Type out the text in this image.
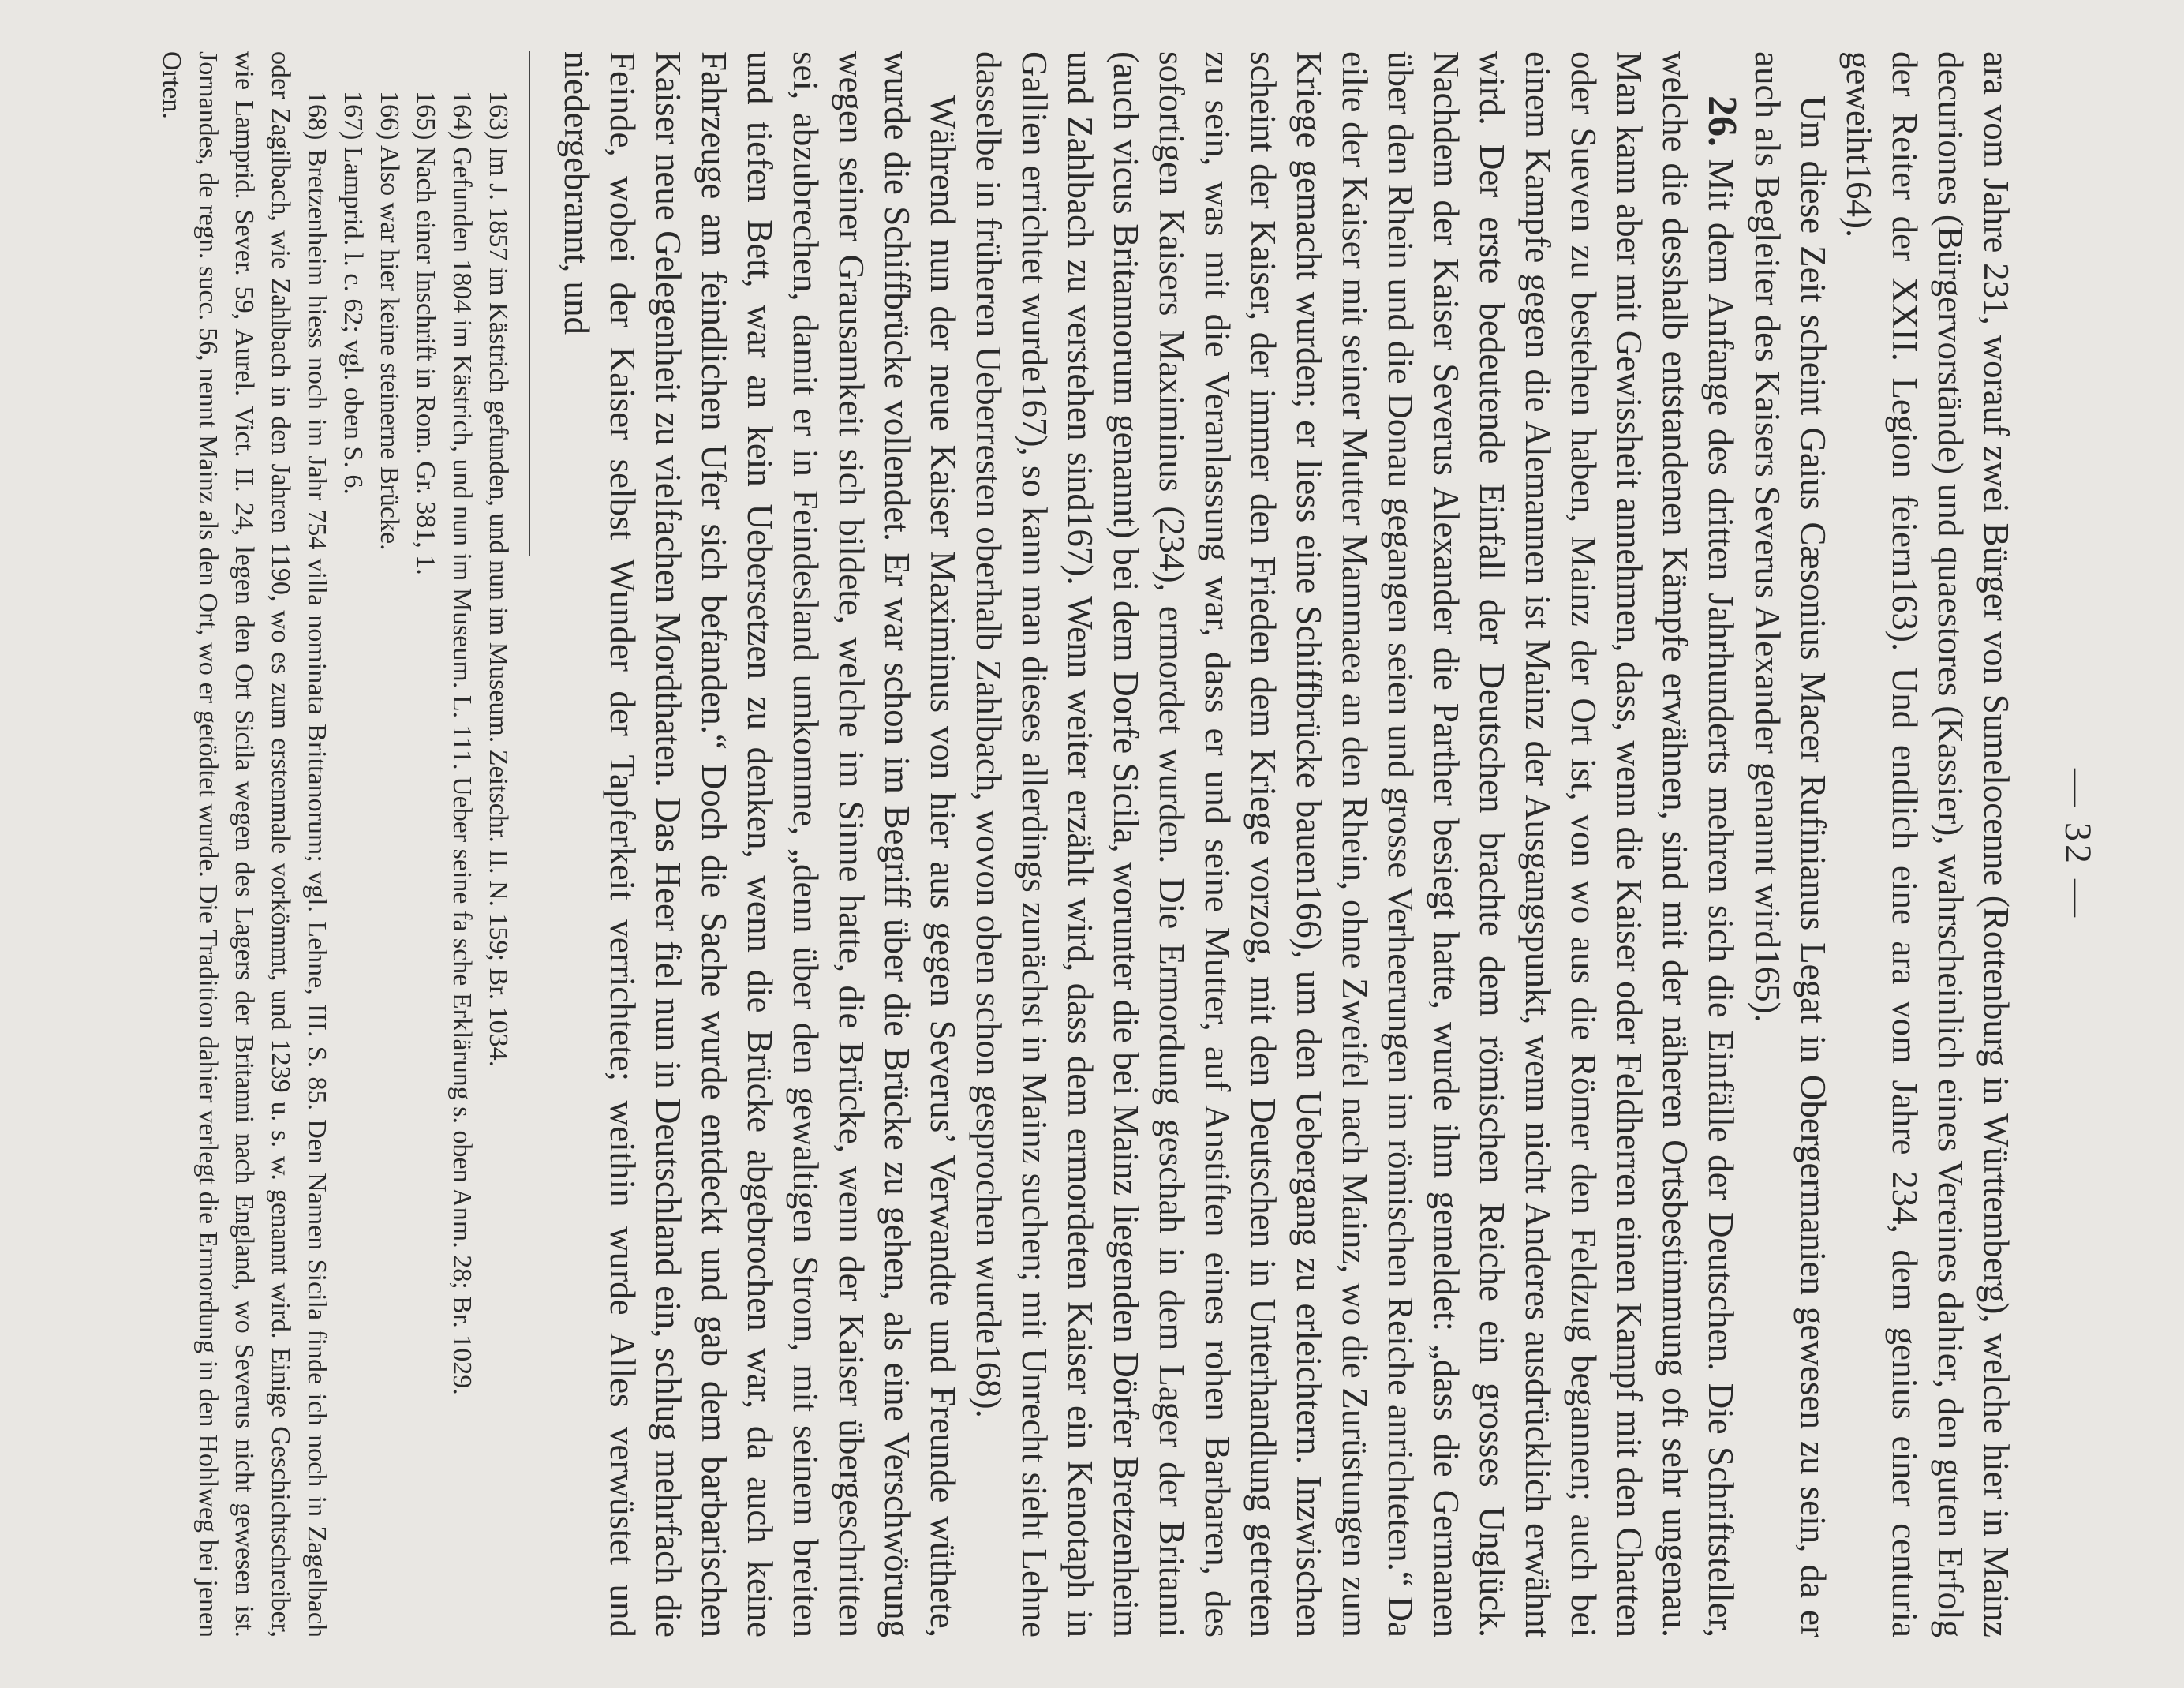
— 32 —

ara vom Jahre 231, worauf zwei Bürger von Sumelocenne (Rottenburg in Württemberg), welche hier in Mainz decuriones (Bürgervorstände) und quaestores (Kassier), wahrscheinlich eines Vereines dahier, den guten Erfolg der Reiter der XXII. Legion feiern163). Und endlich eine ara vom Jahre 234, dem genius einer centuria geweiht164).

Um diese Zeit scheint Gaius Cæsonius Macer Rufinianus Legat in Obergermanien gewesen zu sein, da er auch als Begleiter des Kaisers Severus Alexander genannt wird165).

26. Mit dem Anfange des dritten Jahrhunderts mehren sich die Einfälle der Deutschen. Die Schriftsteller, welche die desshalb entstandenen Kämpfe erwähnen, sind mit der näheren Ortsbestimmung oft sehr ungenau. Man kann aber mit Gewissheit annehmen, dass, wenn die Kaiser oder Feldherren einen Kampf mit den Chatten oder Sueven zu bestehen haben, Mainz der Ort ist, von wo aus die Römer den Feldzug begannen; auch bei einem Kampfe gegen die Alemannen ist Mainz der Ausgangspunkt, wenn nicht Anderes ausdrücklich erwähnt wird. Der erste bedeutende Einfall der Deutschen brachte dem römischen Reiche ein grosses Unglück. Nachdem der Kaiser Severus Alexander die Parther besiegt hatte, wurde ihm gemeldet: „dass die Germanen über den Rhein und die Donau gegangen seien und grosse Verheerungen im römischen Reiche anrichteten.“ Da eilte der Kaiser mit seiner Mutter Mammaea an den Rhein, ohne Zweifel nach Mainz, wo die Zurüstungen zum Kriege gemacht wurden; er liess eine Schiffbrücke bauen166), um den Uebergang zu erleichtern. Inzwischen scheint der Kaiser, der immer den Frieden dem Kriege vorzog, mit den Deutschen in Unterhandlung getreten zu sein, was mit die Veranlassung war, dass er und seine Mutter, auf Anstiften eines rohen Barbaren, des sofortigen Kaisers Maximinus (234), ermordet wurden. Die Ermordung geschah in dem Lager der Britanni (auch vicus Britannorum genannt) bei dem Dorfe Sicila, worunter die bei Mainz liegenden Dörfer Bretzenheim und Zahlbach zu verstehen sind167). Wenn weiter erzählt wird, dass dem ermordeten Kaiser ein Kenotaph in Gallien errichtet wurde167), so kann man dieses allerdings zunächst in Mainz suchen; mit Unrecht sieht Lehne dasselbe in früheren Ueberresten oberhalb Zahlbach, wovon oben schon gesprochen wurde168).

Während nun der neue Kaiser Maximinus von hier aus gegen Severus’ Verwandte und Freunde wüthete, wurde die Schiffbrücke vollendet. Er war schon im Begriff über die Brücke zu gehen, als eine Verschwörung wegen seiner Grausamkeit sich bildete, welche im Sinne hatte, die Brücke, wenn der Kaiser übergeschritten sei, abzubrechen, damit er in Feindesland umkomme, „denn über den gewaltigen Strom, mit seinem breiten und tiefen Bett, war an kein Uebersetzen zu denken, wenn die Brücke abgebrochen war, da auch keine Fahrzeuge am feindlichen Ufer sich befanden.“ Doch die Sache wurde entdeckt und gab dem barbarischen Kaiser neue Gelegenheit zu vielfachen Mordthaten. Das Heer fiel nun in Deutschland ein, schlug mehrfach die Feinde, wobei der Kaiser selbst Wunder der Tapferkeit verrichtete; weithin wurde Alles verwüstet und niedergebrannt, und

163) Im J. 1857 im Kästrich gefunden, und nun im Museum. Zeitschr. II. N. 159; Br. 1034.

164) Gefunden 1804 im Kästrich, und nun im Museum. L. 111. Ueber seine fa sche Erklärung s. oben Anm. 28; Br. 1029.

165) Nach einer Inschrift in Rom. Gr. 381, 1.

166) Also war hier keine steinerne Brücke.

167) Lamprid. l. c. 62; vgl. oben S. 6.

168) Bretzenheim hiess noch im Jahr 754 villa nominata Brittanorum; vgl. Lehne, III. S. 85. Den Namen Sicila finde ich noch in Zagelbach oder Zagilbach, wie Zahlbach in den Jahren 1190, wo es zum erstenmale vorkömmt, und 1239 u. s. w. genannt wird. Einige Geschichtschreiber, wie Lamprid. Sever. 59, Aurel. Vict. II. 24, legen den Ort Sicila wegen des Lagers der Britanni nach England, wo Severus nicht gewesen ist. Jornandes, de regn. succ. 56, nennt Mainz als den Ort, wo er getödtet wurde. Die Tradition dahier verlegt die Ermordung in den Hohlweg bei jenen Orten.
